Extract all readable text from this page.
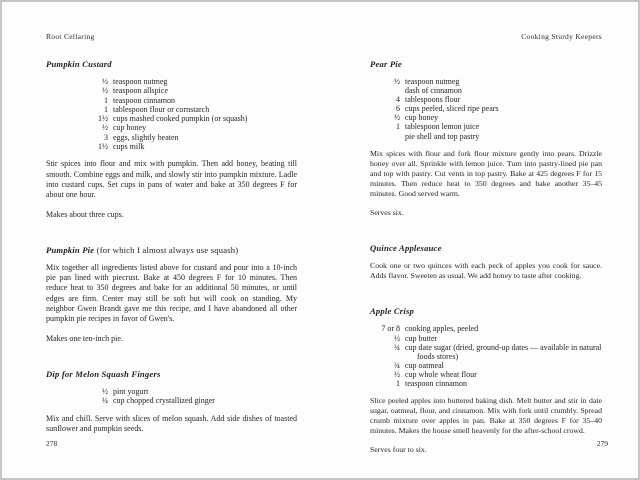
Root Cellaring
Pumpkin Custard
½ teaspoon nutmeg
½ teaspoon allspice
1 teaspoon cinnamon
1 tablespoon flour or cornstarch
1½ cups mashed cooked pumpkin (or squash)
½ cup honey
3 eggs, slightly beaten
1½ cups milk

Stir spices into flour and mix with pumpkin. Then add honey, beating till smooth. Combine eggs and milk, and slowly stir into pumpkin mixture. Ladle into custard cups. Set cups in pans of water and bake at 350 degrees F for about one hour.

Makes about three cups.

Pumpkin Pie (for which I almost always use squash)

Mix together all ingredients listed above for custard and pour into a 10-inch pie pan lined with piecrust. Bake at 450 degrees F for 10 minutes. Then reduce heat to 350 degrees and bake for an additional 50 minutes, or until edges are firm. Center may still be soft but will cook on standing. My neighbor Gwen Brandt gave me this recipe, and I have abandoned all other pumpkin pie recipes in favor of Gwen's.

Makes one ten-inch pie.

Dip for Melon Squash Fingers
½ pint yogurt
¼ cup chopped crystallized ginger

Mix and chill. Serve with slices of melon squash. Add side dishes of toasted sunflower and pumpkin seeds.

Cooking Sturdy Keepers
Pear Pie
½ teaspoon nutmeg
dash of cinnamon
4 tablespoons flour
6 cups peeled, sliced ripe pears
½ cup honey
1 tablespoon lemon juice
pie shell and top pastry

Mix spices with flour and fork flour mixture gently into pears. Drizzle honey over all. Sprinkle with lemon juice. Turn into pastry-lined pie pan and top with pastry. Cut vents in top pastry. Bake at 425 degrees F for 15 minutes. Then reduce heat to 350 degrees and bake another 35–45 minutes. Good served warm.

Serves six.

Quince Applesauce

Cook one or two quinces with each peck of apples you cook for sauce. Adds flavor. Sweeten as usual. We add honey to taste after cooking.

Apple Crisp
7 or 8 cooking apples, peeled
½ cup butter
¾ cup date sugar (dried, ground-up dates — available in natural foods stores)
¾ cup oatmeal
½ cup whole wheat flour
1 teaspoon cinnamon

Slice peeled apples into buttered baking dish. Melt butter and stir in date sugar, oatmeal, flour, and cinnamon. Mix with fork until crumbly. Spread crumb mixture over apples in pan. Bake at 350 degrees F for 35–40 minutes. Makes the house smell heavenly for the after-school crowd.

Serves four to six.

278	279
